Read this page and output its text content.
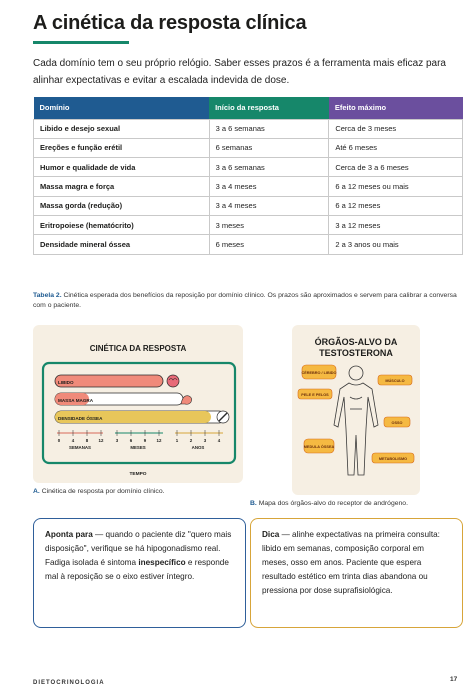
A cinética da resposta clínica

Cada domínio tem o seu próprio relógio. Saber esses prazos é a ferramenta mais eficaz para alinhar expectativas e evitar a escalada indevida de dose.

Domínio	Início da resposta	Efeito máximo
Libido e desejo sexual	3 a 6 semanas	Cerca de 3 meses
Ereções e função erétil	6 semanas	Até 6 meses
Humor e qualidade de vida	3 a 6 semanas	Cerca de 3 a 6 meses
Massa magra e força	3 a 4 meses	6 a 12 meses ou mais
Massa gorda (redução)	3 a 4 meses	6 a 12 meses
Eritropoiese (hematócrito)	3 meses	3 a 12 meses
Densidade mineral óssea	6 meses	2 a 3 anos ou mais

Tabela 2. Cinética esperada dos benefícios da reposição por domínio clínico. Os prazos são aproximados e servem para calibrar a conversa com o paciente.

CINÉTICA DA RESPOSTA
LIBIDO
MASSA MAGRA
DENSIDADE ÓSSEA
0	4	8 12	3	6	9 12	1	2	3	4
SEMANAS	MESES	ANOS
TEMPO
ÓRGÃOS-ALVO DA
TESTOSTERONA
CÉREBRO / LIBIDO
MÚSCULO
PELE E PELOS
OSSO
MEDULA ÓSSEA
METABOLISMO

A. Cinética de resposta por domínio clínico.

B. Mapa dos órgãos-alvo do receptor de andrógeno.

Aponta para — quando o paciente diz "quero mais disposição", verifique se há hipogonadismo real. Fadiga isolada é sintoma inespecífico e responde mal à reposição se o eixo estiver íntegro.
Dica — alinhe expectativas na primeira consulta: libido em semanas, composição corporal em meses, osso em anos. Paciente que espera resultado estético em trinta dias abandona ou pressiona por dose suprafisiológica.
DIETOCRINOLOGIA	17
